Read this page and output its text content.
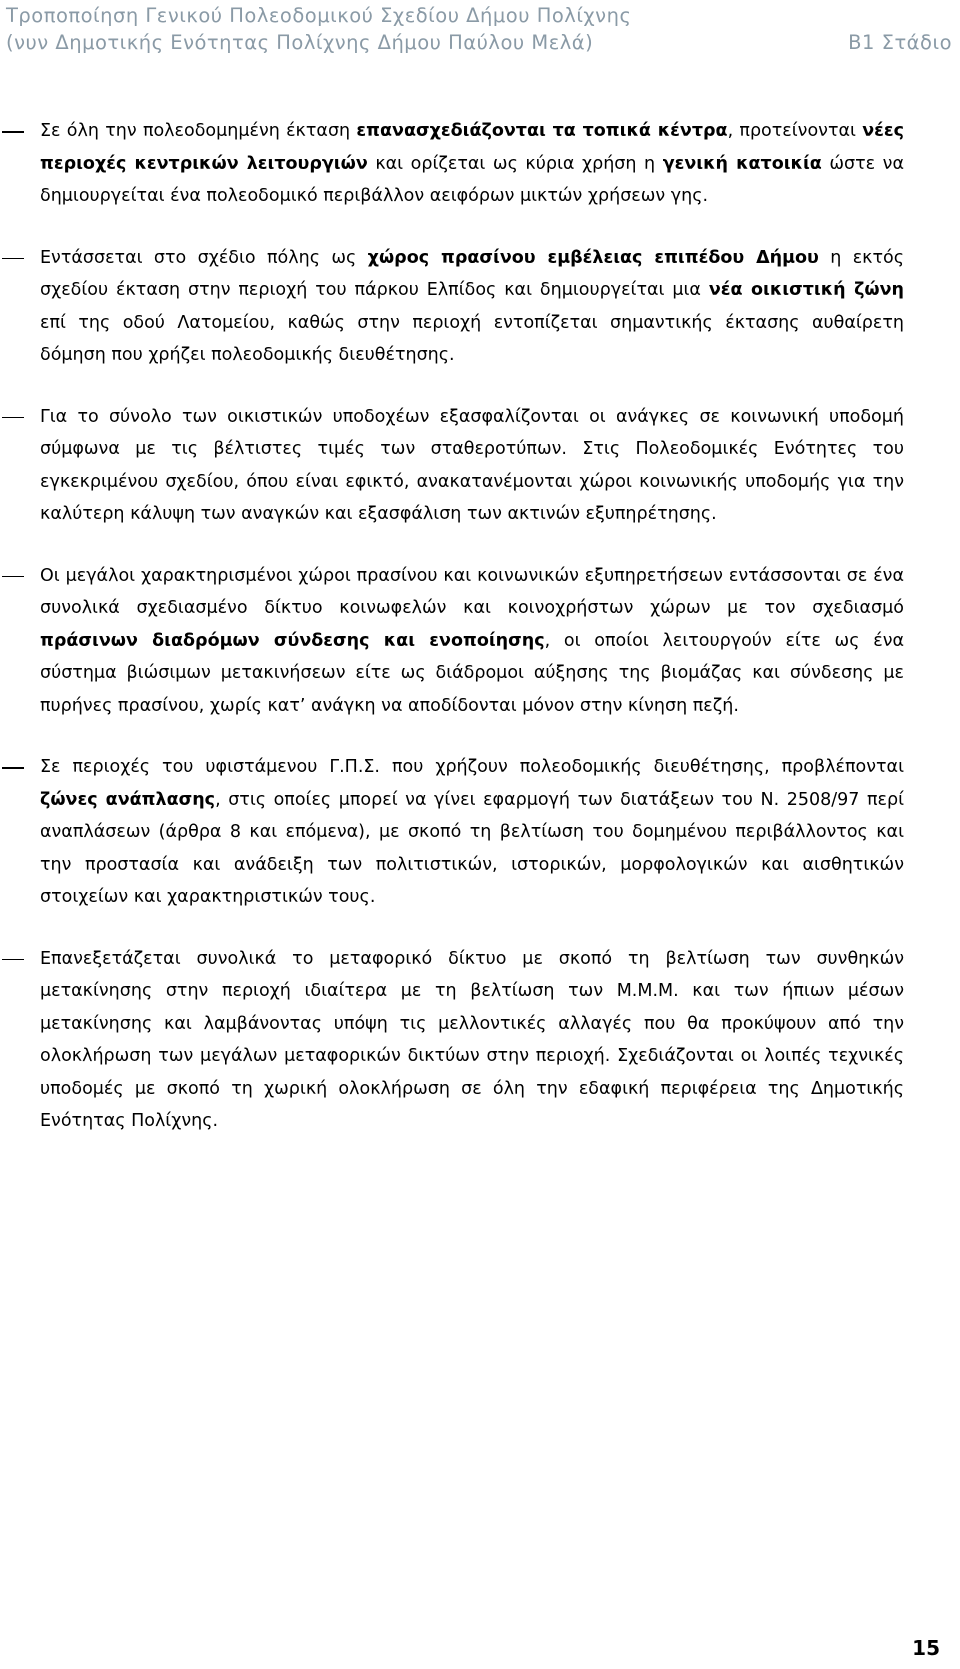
Τροποποίηση Γενικού Πολεοδομικού Σχεδίου Δήμου Πολίχνης
(νυν Δημοτικής Ενότητας Πολίχνης Δήμου Παύλου Μελά)	Β1 Στάδιο
Σε όλη την πολεοδομημένη έκταση επανασχεδιάζονται τα τοπικά κέντρα, προτείνονται νέες περιοχές κεντρικών λειτουργιών και ορίζεται ως κύρια χρήση η γενική κατοικία ώστε να δημιουργείται ένα πολεοδομικό περιβάλλον αειφόρων μικτών χρήσεων γης.
Εντάσσεται στο σχέδιο πόλης ως χώρος πρασίνου εμβέλειας επιπέδου Δήμου η εκτός σχεδίου έκταση στην περιοχή του πάρκου Ελπίδος και δημιουργείται μια νέα οικιστική ζώνη επί της οδού Λατομείου, καθώς στην περιοχή εντοπίζεται σημαντικής έκτασης αυθαίρετη δόμηση που χρήζει πολεοδομικής διευθέτησης.
Για το σύνολο των οικιστικών υποδοχέων εξασφαλίζονται οι ανάγκες σε κοινωνική υποδομή σύμφωνα με τις βέλτιστες τιμές των σταθεροτύπων. Στις Πολεοδομικές Ενότητες του εγκεκριμένου σχεδίου, όπου είναι εφικτό, ανακατανέμονται χώροι κοινωνικής υποδομής για την καλύτερη κάλυψη των αναγκών και εξασφάλιση των ακτινών εξυπηρέτησης.
Οι μεγάλοι χαρακτηρισμένοι χώροι πρασίνου και κοινωνικών εξυπηρετήσεων εντάσσονται σε ένα συνολικά σχεδιασμένο δίκτυο κοινωφελών και κοινοχρήστων χώρων με τον σχεδιασμό πράσινων διαδρόμων σύνδεσης και ενοποίησης, οι οποίοι λειτουργούν είτε ως ένα σύστημα βιώσιμων μετακινήσεων είτε ως διάδρομοι αύξησης της βιομάζας και σύνδεσης με πυρήνες πρασίνου, χωρίς κατ’ ανάγκη να αποδίδονται μόνον στην κίνηση πεζή.
Σε περιοχές του υφιστάμενου Γ.Π.Σ. που χρήζουν πολεοδομικής διευθέτησης, προβλέπονται ζώνες ανάπλασης, στις οποίες μπορεί να γίνει εφαρμογή των διατάξεων του Ν. 2508/97 περί αναπλάσεων (άρθρα 8 και επόμενα), με σκοπό τη βελτίωση του δομημένου περιβάλλοντος και την προστασία και ανάδειξη των πολιτιστικών, ιστορικών, μορφολογικών και αισθητικών στοιχείων και χαρακτηριστικών τους.
Επανεξετάζεται συνολικά το μεταφορικό δίκτυο με σκοπό τη βελτίωση των συνθηκών μετακίνησης στην περιοχή ιδιαίτερα με τη βελτίωση των Μ.Μ.Μ. και των ήπιων μέσων μετακίνησης και λαμβάνοντας υπόψη τις μελλοντικές αλλαγές που θα προκύψουν από την ολοκλήρωση των μεγάλων μεταφορικών δικτύων στην περιοχή. Σχεδιάζονται οι λοιπές τεχνικές υποδομές με σκοπό τη χωρική ολοκλήρωση σε όλη την εδαφική περιφέρεια της Δημοτικής Ενότητας Πολίχνης.
15
